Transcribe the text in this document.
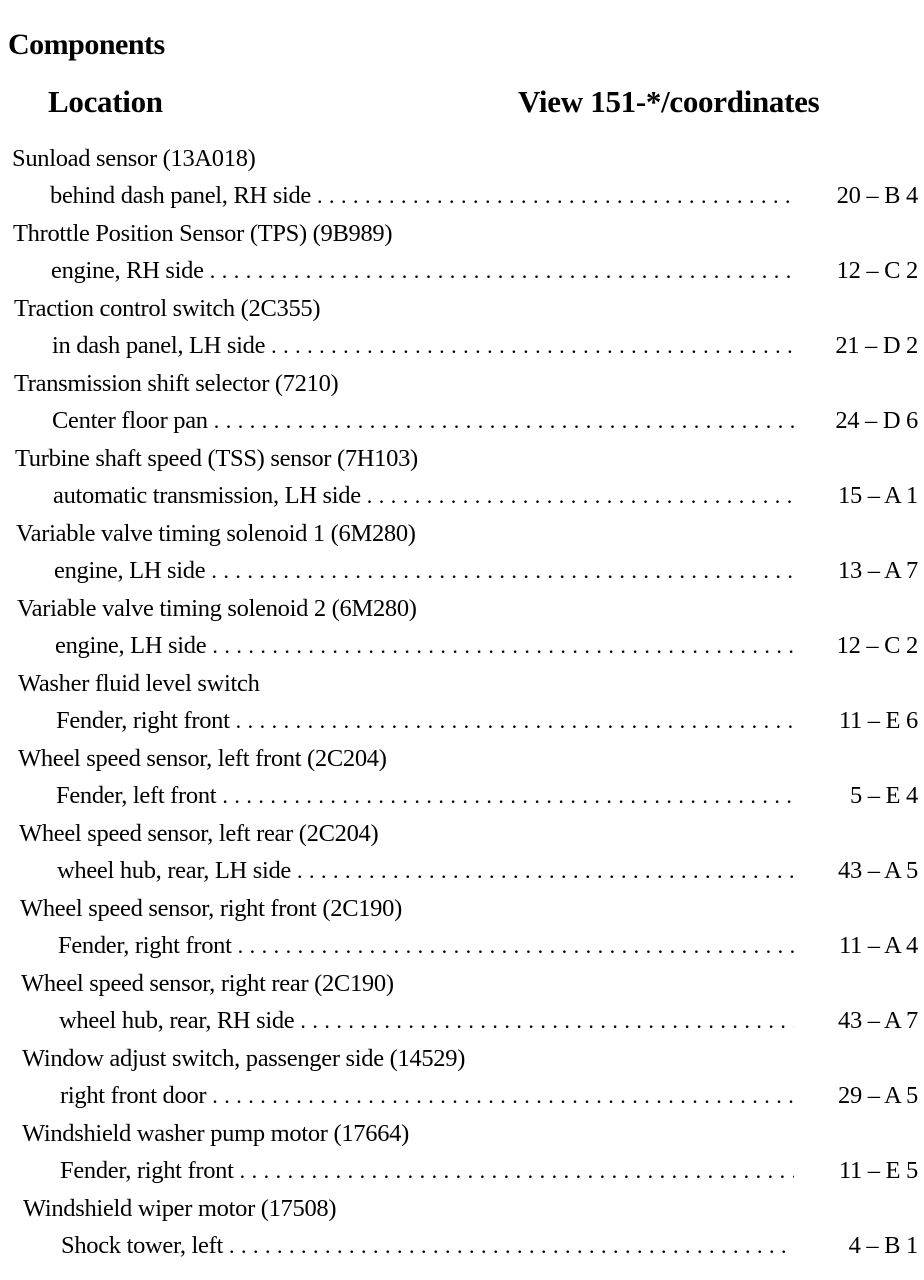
Components
Location	View 151-*/coordinates
Sunload sensor (13A018)
behind dash panel, RH side . . .	20 – B 4
Throttle Position Sensor (TPS) (9B989)
engine, RH side . . .	12 – C 2
Traction control switch (2C355)
in dash panel, LH side . . .	21 – D 2
Transmission shift selector (7210)
Center floor pan . . .	24 – D 6
Turbine shaft speed (TSS) sensor (7H103)
automatic transmission, LH side . . .	15 – A 1
Variable valve timing solenoid 1 (6M280)
engine, LH side . . .	13 – A 7
Variable valve timing solenoid 2 (6M280)
engine, LH side . . .	12 – C 2
Washer fluid level switch
Fender, right front . . .	11 – E 6
Wheel speed sensor, left front (2C204)
Fender, left front . . .	5 – E 4
Wheel speed sensor, left rear (2C204)
wheel hub, rear, LH side . . .	43 – A 5
Wheel speed sensor, right front (2C190)
Fender, right front . . .	11 – A 4
Wheel speed sensor, right rear (2C190)
wheel hub, rear, RH side . . .	43 – A 7
Window adjust switch, passenger side (14529)
right front door . . .	29 – A 5
Windshield washer pump motor (17664)
Fender, right front . . .	11 – E 5
Windshield wiper motor (17508)
Shock tower, left . . .	4 – B 1
